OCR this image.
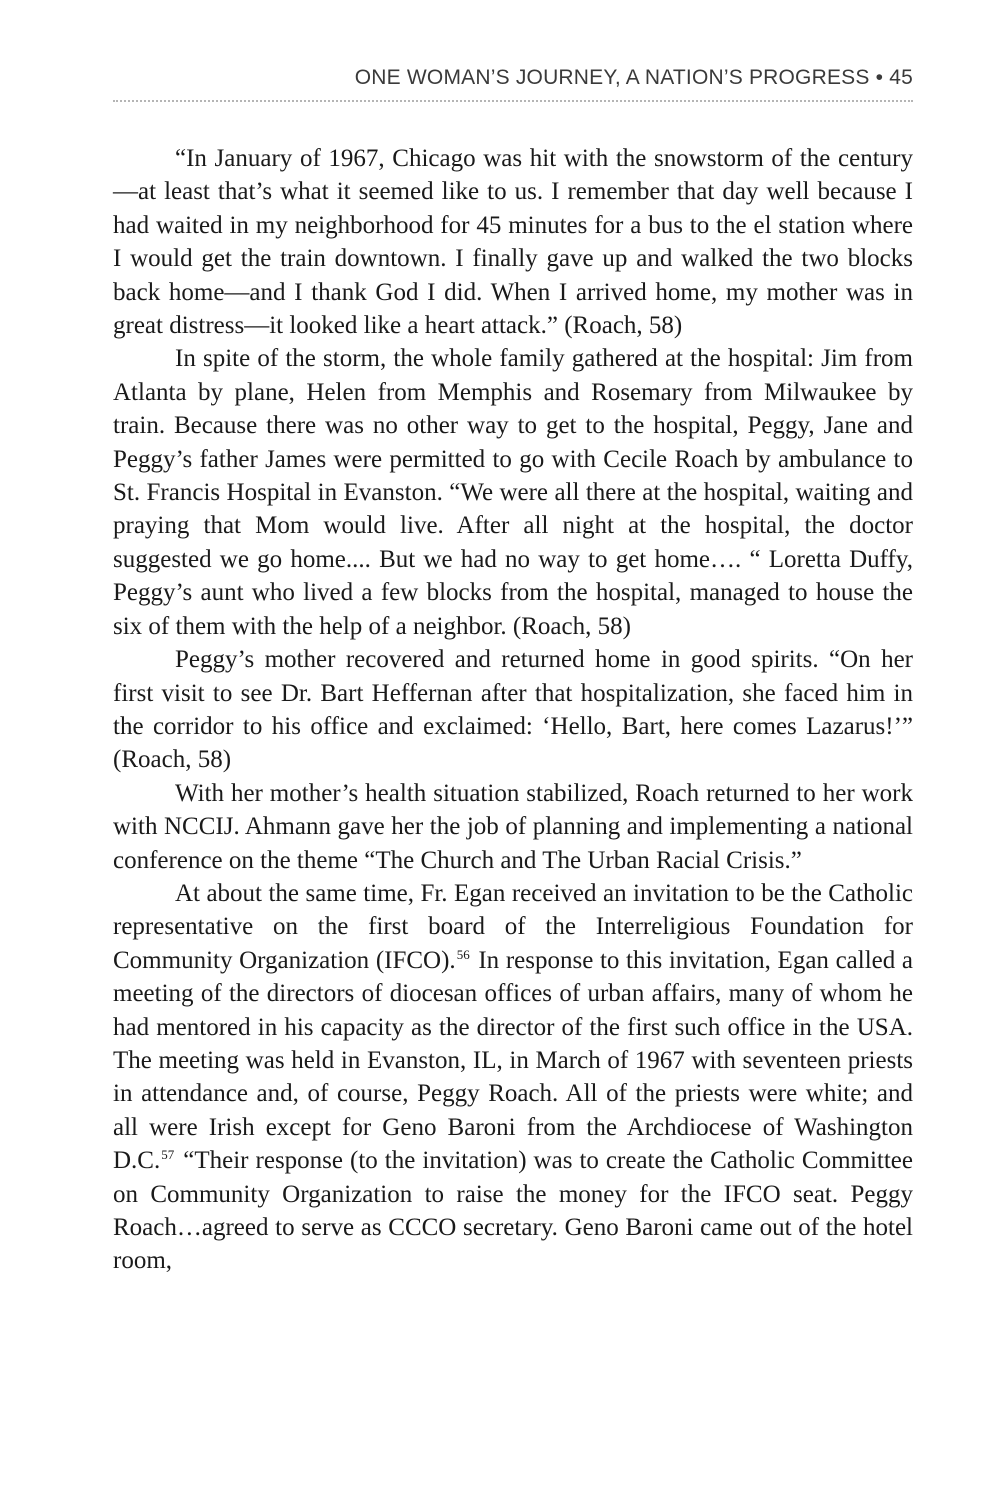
ONE WOMAN’S JOURNEY, A NATION’S PROGRESS • 45

“In January of 1967, Chicago was hit with the snowstorm of the century—at least that’s what it seemed like to us. I remember that day well because I had waited in my neighborhood for 45 minutes for a bus to the el station where I would get the train downtown. I finally gave up and walked the two blocks back home—and I thank God I did. When I arrived home, my mother was in great distress—it looked like a heart attack.” (Roach, 58)

In spite of the storm, the whole family gathered at the hospital: Jim from Atlanta by plane, Helen from Memphis and Rosemary from Milwaukee by train. Because there was no other way to get to the hospital, Peggy, Jane and Peggy’s father James were permitted to go with Cecile Roach by ambulance to St. Francis Hospital in Evanston. “We were all there at the hospital, waiting and praying that Mom would live. After all night at the hospital, the doctor suggested we go home.... But we had no way to get home…. “ Loretta Duffy, Peggy’s aunt who lived a few blocks from the hospital, managed to house the six of them with the help of a neighbor. (Roach, 58)

Peggy’s mother recovered and returned home in good spirits. “On her first visit to see Dr. Bart Heffernan after that hospitalization, she faced him in the corridor to his office and exclaimed: ‘Hello, Bart, here comes Lazarus!’” (Roach, 58)

With her mother’s health situation stabilized, Roach returned to her work with NCCIJ. Ahmann gave her the job of planning and implementing a national conference on the theme “The Church and The Urban Racial Crisis.”

At about the same time, Fr. Egan received an invitation to be the Catholic representative on the first board of the Interreligious Foundation for Community Organization (IFCO).$^{56}$ In response to this invitation, Egan called a meeting of the directors of diocesan offices of urban affairs, many of whom he had mentored in his capacity as the director of the first such office in the USA. The meeting was held in Evanston, IL, in March of 1967 with seventeen priests in attendance and, of course, Peggy Roach. All of the priests were white; and all were Irish except for Geno Baroni from the Archdiocese of Washington D.C.$^{57}$ “Their response (to the invitation) was to create the Catholic Committee on Community Organization to raise the money for the IFCO seat. Peggy Roach…agreed to serve as CCCO secretary. Geno Baroni came out of the hotel room,
